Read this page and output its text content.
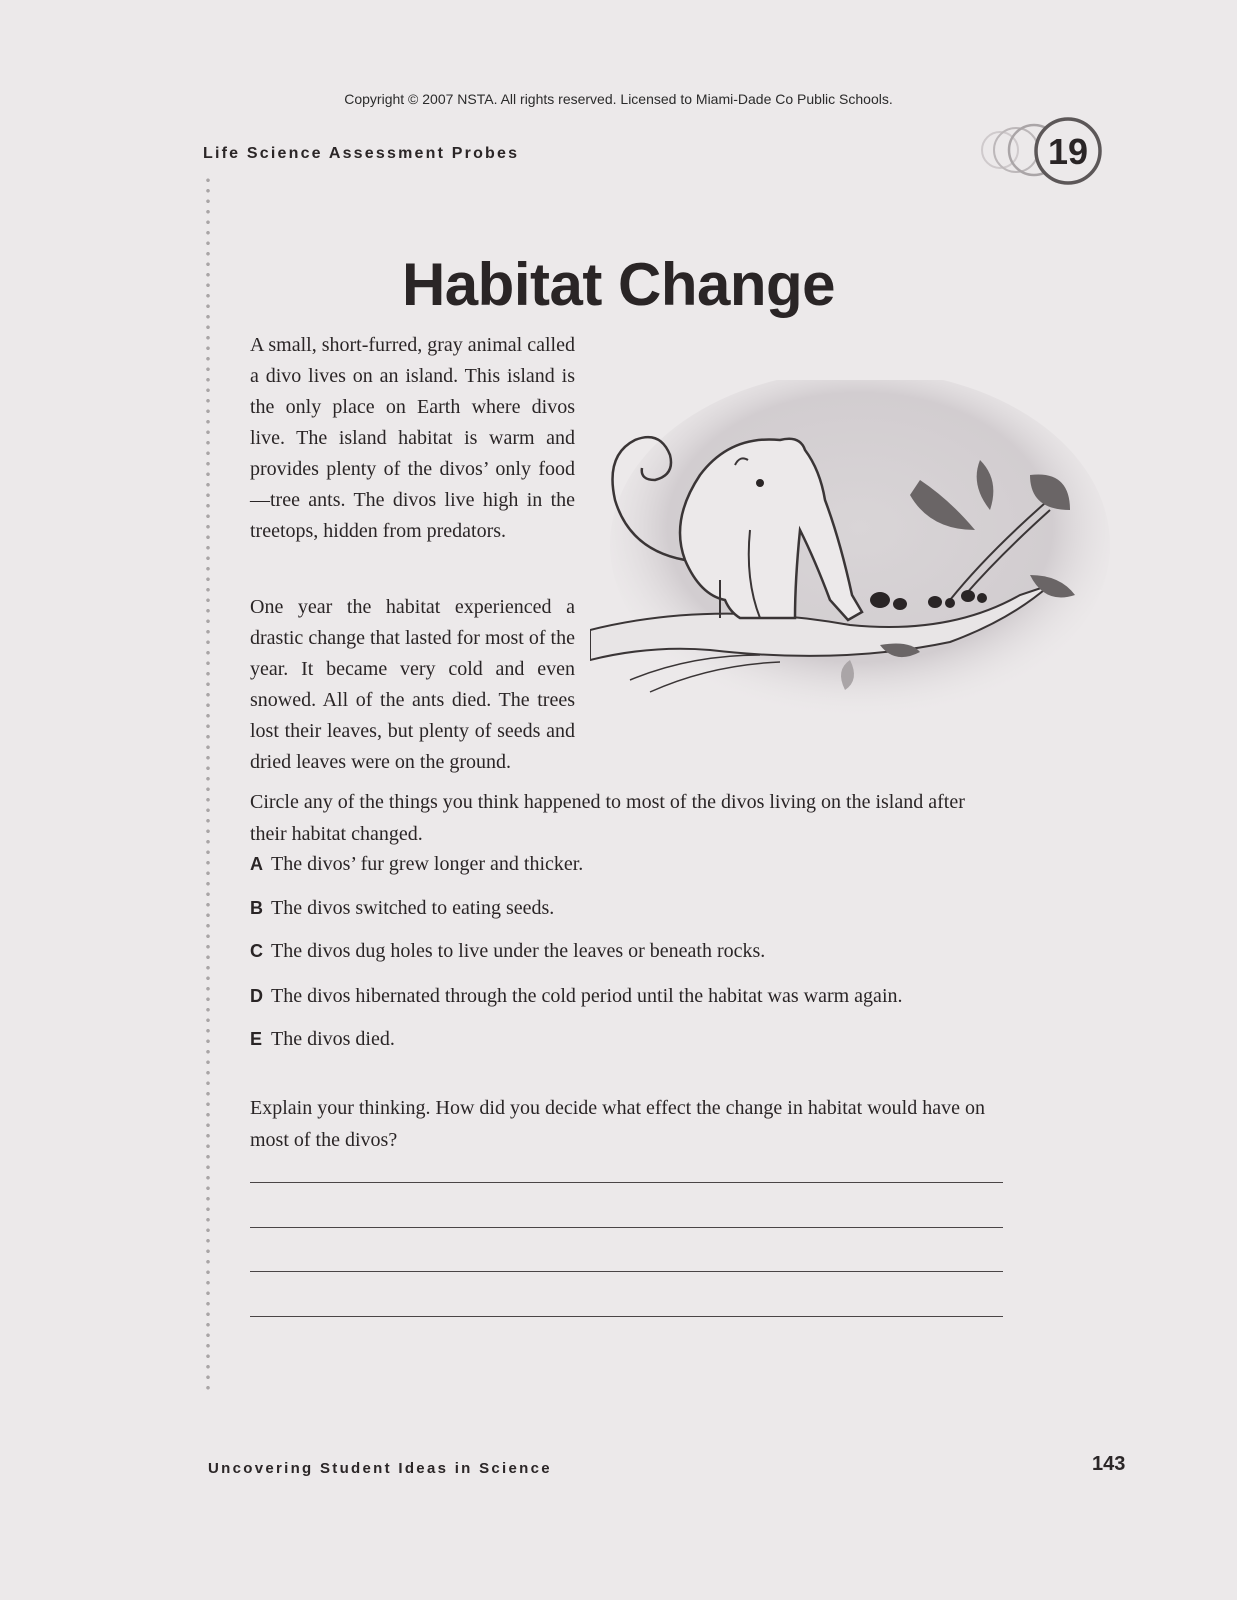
Copyright © 2007 NSTA. All rights reserved. Licensed to Miami-Dade Co Public Schools.
Life Science Assessment Probes	19
Habitat Change
A small, short-furred, gray animal called a divo lives on an island. This island is the only place on Earth where divos live. The island habitat is warm and provides plenty of the divos’ only food—tree ants. The divos live high in the treetops, hidden from predators.
One year the habitat experienced a drastic change that lasted for most of the year. It became very cold and even snowed. All of the ants died. The trees lost their leaves, but plenty of seeds and dried leaves were on the ground.
Circle any of the things you think happened to most of the divos living on the island after their habitat changed.
A The divos’ fur grew longer and thicker.
B The divos switched to eating seeds.
C The divos dug holes to live under the leaves or beneath rocks.
D The divos hibernated through the cold period until the habitat was warm again.
E The divos died.
Explain your thinking. How did you decide what effect the change in habitat would have on most of the divos?
Uncovering Student Ideas in Science	143
